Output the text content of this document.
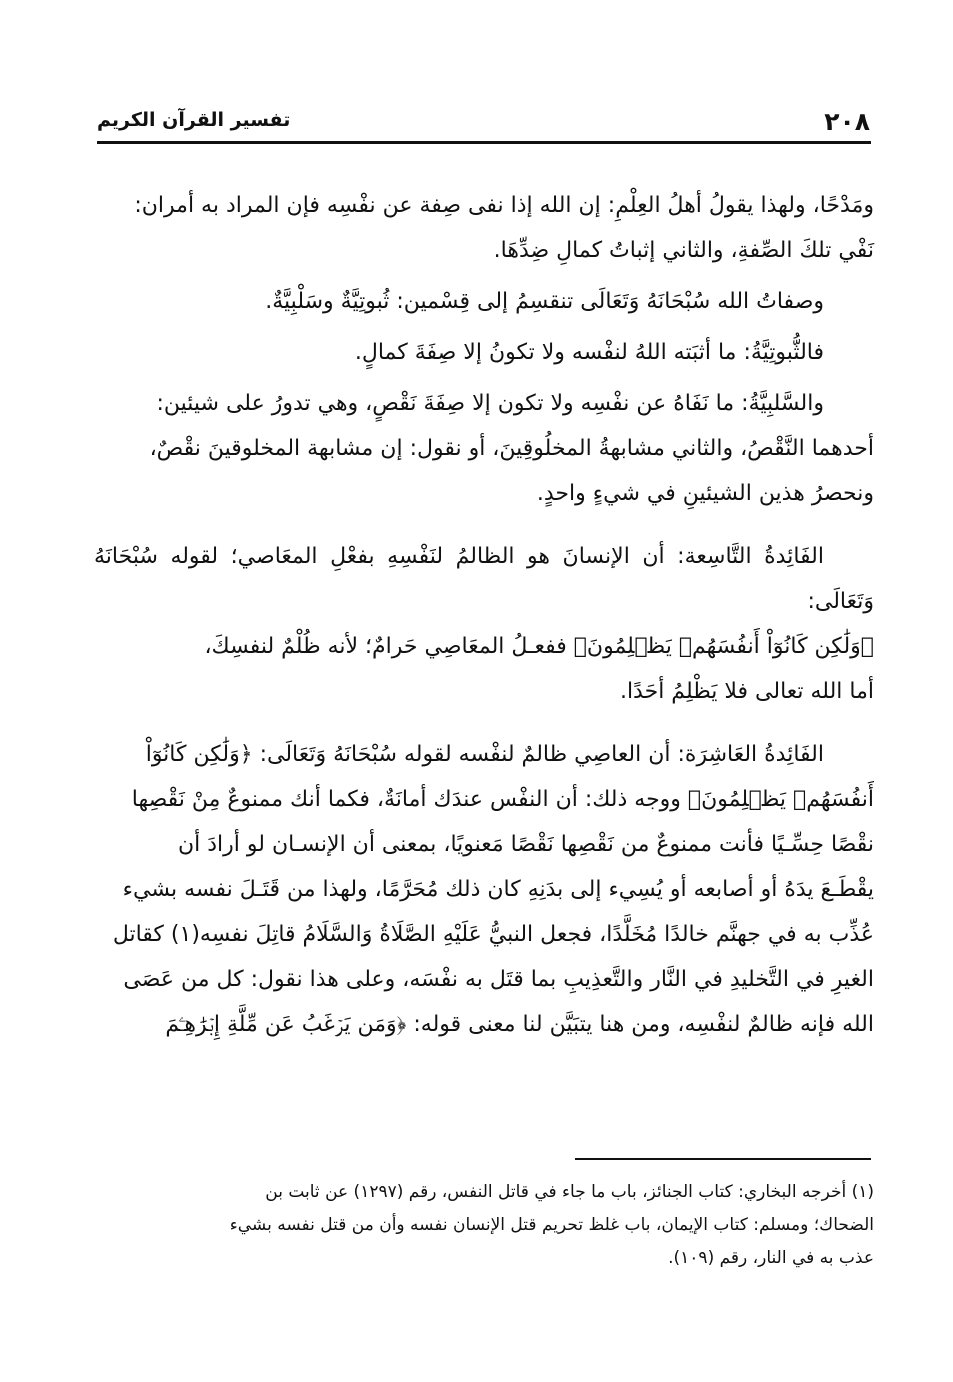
٢٠٨
تفسير القرآن الكريم

ومَدْحًا، ولهذا يقولُ أهلُ العِلْمِ: إن الله إذا نفى صِفة عن نفْسِه فإن المراد به أمران:

نَفْي تلكَ الصِّفةِ، والثاني إثباتُ كمالِ ضِدِّهَا.

وصفاتُ الله سُبْحَانَهُ وَتَعَالَى تنقسِمُ إلى قِسْمين: ثُبوتِيَّةٌ وسَلْبِيَّةٌ.

فالثُّبوتِيَّةُ: ما أثبَته اللهُ لنفْسه ولا تكونُ إلا صِفَةَ كمالٍ.

والسَّلبِيَّةُ: ما نَفَاهُ عن نفْسِه ولا تكون إلا صِفَةَ نَقْصٍ، وهي تدورُ على شيئين:

أحدهما النَّقْصُ، والثاني مشابهةُ المخلُوقِينَ، أو نقول: إن مشابهة المخلوقينَ نقْصٌ،

ونحصرُ هذين الشيئينِ في شيءٍ واحدٍ.

الفَائِدةُ التَّاسِعة: أن الإنسانَ هو الظالمُ لنَفْسِهِ بفعْلِ المعَاصي؛ لقوله سُبْحَانَهُ وَتَعَالَى:

﴿وَلَٰكِن كَانُوٓاْ أَنفُسَهُمۡ يَظۡلِمُونَ﴾ ففعـلُ المعَاصِي حَرامٌ؛ لأنه ظُلْمٌ لنفسِكَ،

أما الله تعالى فلا يَظْلِمُ أحَدًا.

الفَائِدةُ العَاشِرَة: أن العاصِي ظالمٌ لنفْسه لقوله سُبْحَانَهُ وَتَعَالَى: ﴿وَلَٰكِن كَانُوٓاْ

أَنفُسَهُمۡ يَظۡلِمُونَ﴾ ووجه ذلك: أن النفْس عندَك أمانَةٌ، فكما أنك ممنوعٌ مِنْ نَقْصِها

نقْصًا حِسِّـيًا فأنت ممنوعٌ من نَقْصِها نَقْصًا مَعنويًا، بمعنى أن الإنسـان لو أرادَ أن

يقْطَـعَ يدَهُ أو أصابعه أو يُسِيء إلى بدَنِهِ كان ذلك مُحَرَّمًا، ولهذا من قَتَـلَ نفسه بشيء

عُذِّب به في جهنَّم خالدًا مُخَلَّدًا، فجعل النبيُّ عَلَيْهِ الصَّلَاةُ وَالسَّلَامُ قاتِلَ نفسِه(١) كقاتل

الغيرِ في التَّخليدِ في النَّار والتَّعذِيبِ بما قتَل به نفْسَه، وعلى هذا نقول: كل من عَصَى

الله فإنه ظالمٌ لنفْسِه، ومن هنا يتبَيَّن لنا معنى قوله: ﴿وَمَن يَرۡغَبُ عَن مِّلَّةِ إِبۡرَٰهِـۧمَ

(١) أخرجه البخاري: كتاب الجنائز، باب ما جاء في قاتل النفس، رقم (١٢٩٧) عن ثابت بن

الضحاك؛ ومسلم: كتاب الإيمان، باب غلظ تحريم قتل الإنسان نفسه وأن من قتل نفسه بشيء

عذب به في النار، رقم (١٠٩).
